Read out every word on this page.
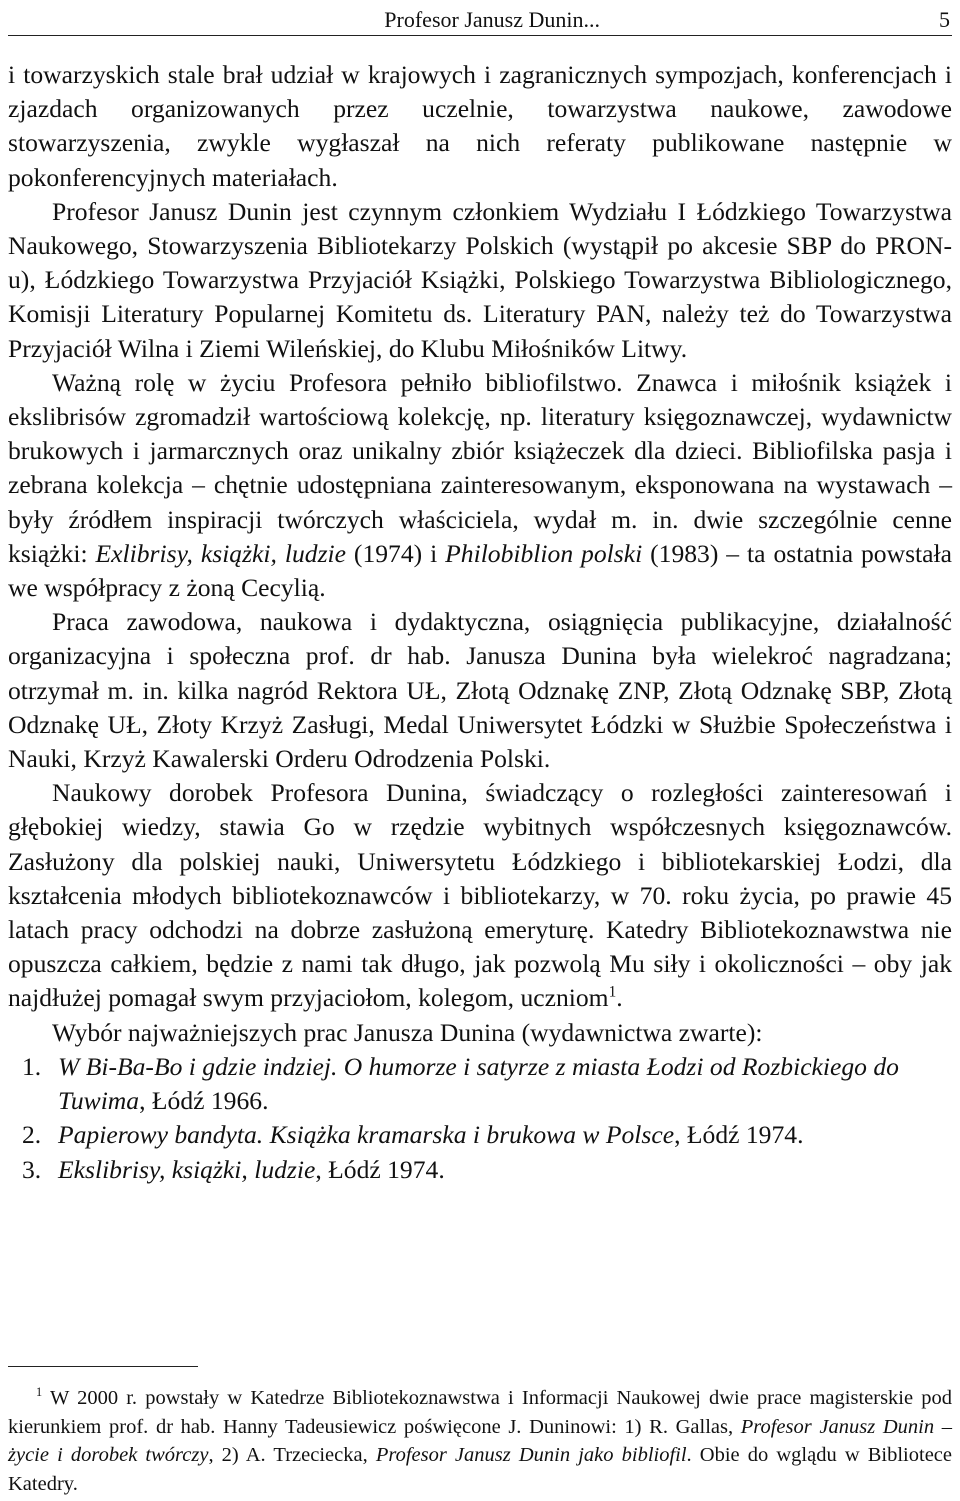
Profesor Janusz Dunin...	5

i towarzyskich stale brał udział w krajowych i zagranicznych sympozjach, konferencjach i zjazdach organizowanych przez uczelnie, towarzystwa naukowe, zawodowe stowarzyszenia, zwykle wygłaszał na nich referaty publikowane następnie w pokonferencyjnych materiałach.

Profesor Janusz Dunin jest czynnym członkiem Wydziału I Łódzkiego Towarzystwa Naukowego, Stowarzyszenia Bibliotekarzy Polskich (wystąpił po akcesie SBP do PRON-u), Łódzkiego Towarzystwa Przyjaciół Książki, Polskiego Towarzystwa Bibliologicznego, Komisji Literatury Popularnej Komitetu ds. Literatury PAN, należy też do Towarzystwa Przyjaciół Wilna i Ziemi Wileńskiej, do Klubu Miłośników Litwy.

Ważną rolę w życiu Profesora pełniło bibliofilstwo. Znawca i miłośnik książek i ekslibrisów zgromadził wartościową kolekcję, np. literatury księgoznawczej, wydawnictw brukowych i jarmarcznych oraz unikalny zbiór książeczek dla dzieci. Bibliofilska pasja i zebrana kolekcja – chętnie udostępniana zainteresowanym, eksponowana na wystawach – były źródłem inspiracji twórczych właściciela, wydał m. in. dwie szczególnie cenne książki: Exlibrisy, książki, ludzie (1974) i Philobiblion polski (1983) – ta ostatnia powstała we współpracy z żoną Cecylią.

Praca zawodowa, naukowa i dydaktyczna, osiągnięcia publikacyjne, działalność organizacyjna i społeczna prof. dr hab. Janusza Dunina była wielekroć nagradzana; otrzymał m. in. kilka nagród Rektora UŁ, Złotą Odznakę ZNP, Złotą Odznakę SBP, Złotą Odznakę UŁ, Złoty Krzyż Zasługi, Medal Uniwersytet Łódzki w Służbie Społeczeństwa i Nauki, Krzyż Kawalerski Orderu Odrodzenia Polski.

Naukowy dorobek Profesora Dunina, świadczący o rozległości zainteresowań i głębokiej wiedzy, stawia Go w rzędzie wybitnych współczesnych księgoznawców. Zasłużony dla polskiej nauki, Uniwersytetu Łódzkiego i bibliotekarskiej Łodzi, dla kształcenia młodych bibliotekoznawców i bibliotekarzy, w 70. roku życia, po prawie 45 latach pracy odchodzi na dobrze zasłużoną emeryturę. Katedry Bibliotekoznawstwa nie opuszcza całkiem, będzie z nami tak długo, jak pozwolą Mu siły i okoliczności – oby jak najdłużej pomagał swym przyjaciołom, kolegom, uczniom$^1$.

Wybór najważniejszych prac Janusza Dunina (wydawnictwa zwarte):

1. W Bi-Ba-Bo i gdzie indziej. O humorze i satyrze z miasta Łodzi od Rozbickiego do Tuwima, Łódź 1966.
2. Papierowy bandyta. Książka kramarska i brukowa w Polsce, Łódź 1974.
3. Ekslibrisy, książki, ludzie, Łódź 1974.

$^1$ W 2000 r. powstały w Katedrze Bibliotekoznawstwa i Informacji Naukowej dwie prace magisterskie pod kierunkiem prof. dr hab. Hanny Tadeusiewicz poświęcone J. Duninowi: 1) R. Gallas, Profesor Janusz Dunin – życie i dorobek twórczy, 2) A. Trzeciecka, Profesor Janusz Dunin jako bibliofil. Obie do wglądu w Bibliotece Katedry.
